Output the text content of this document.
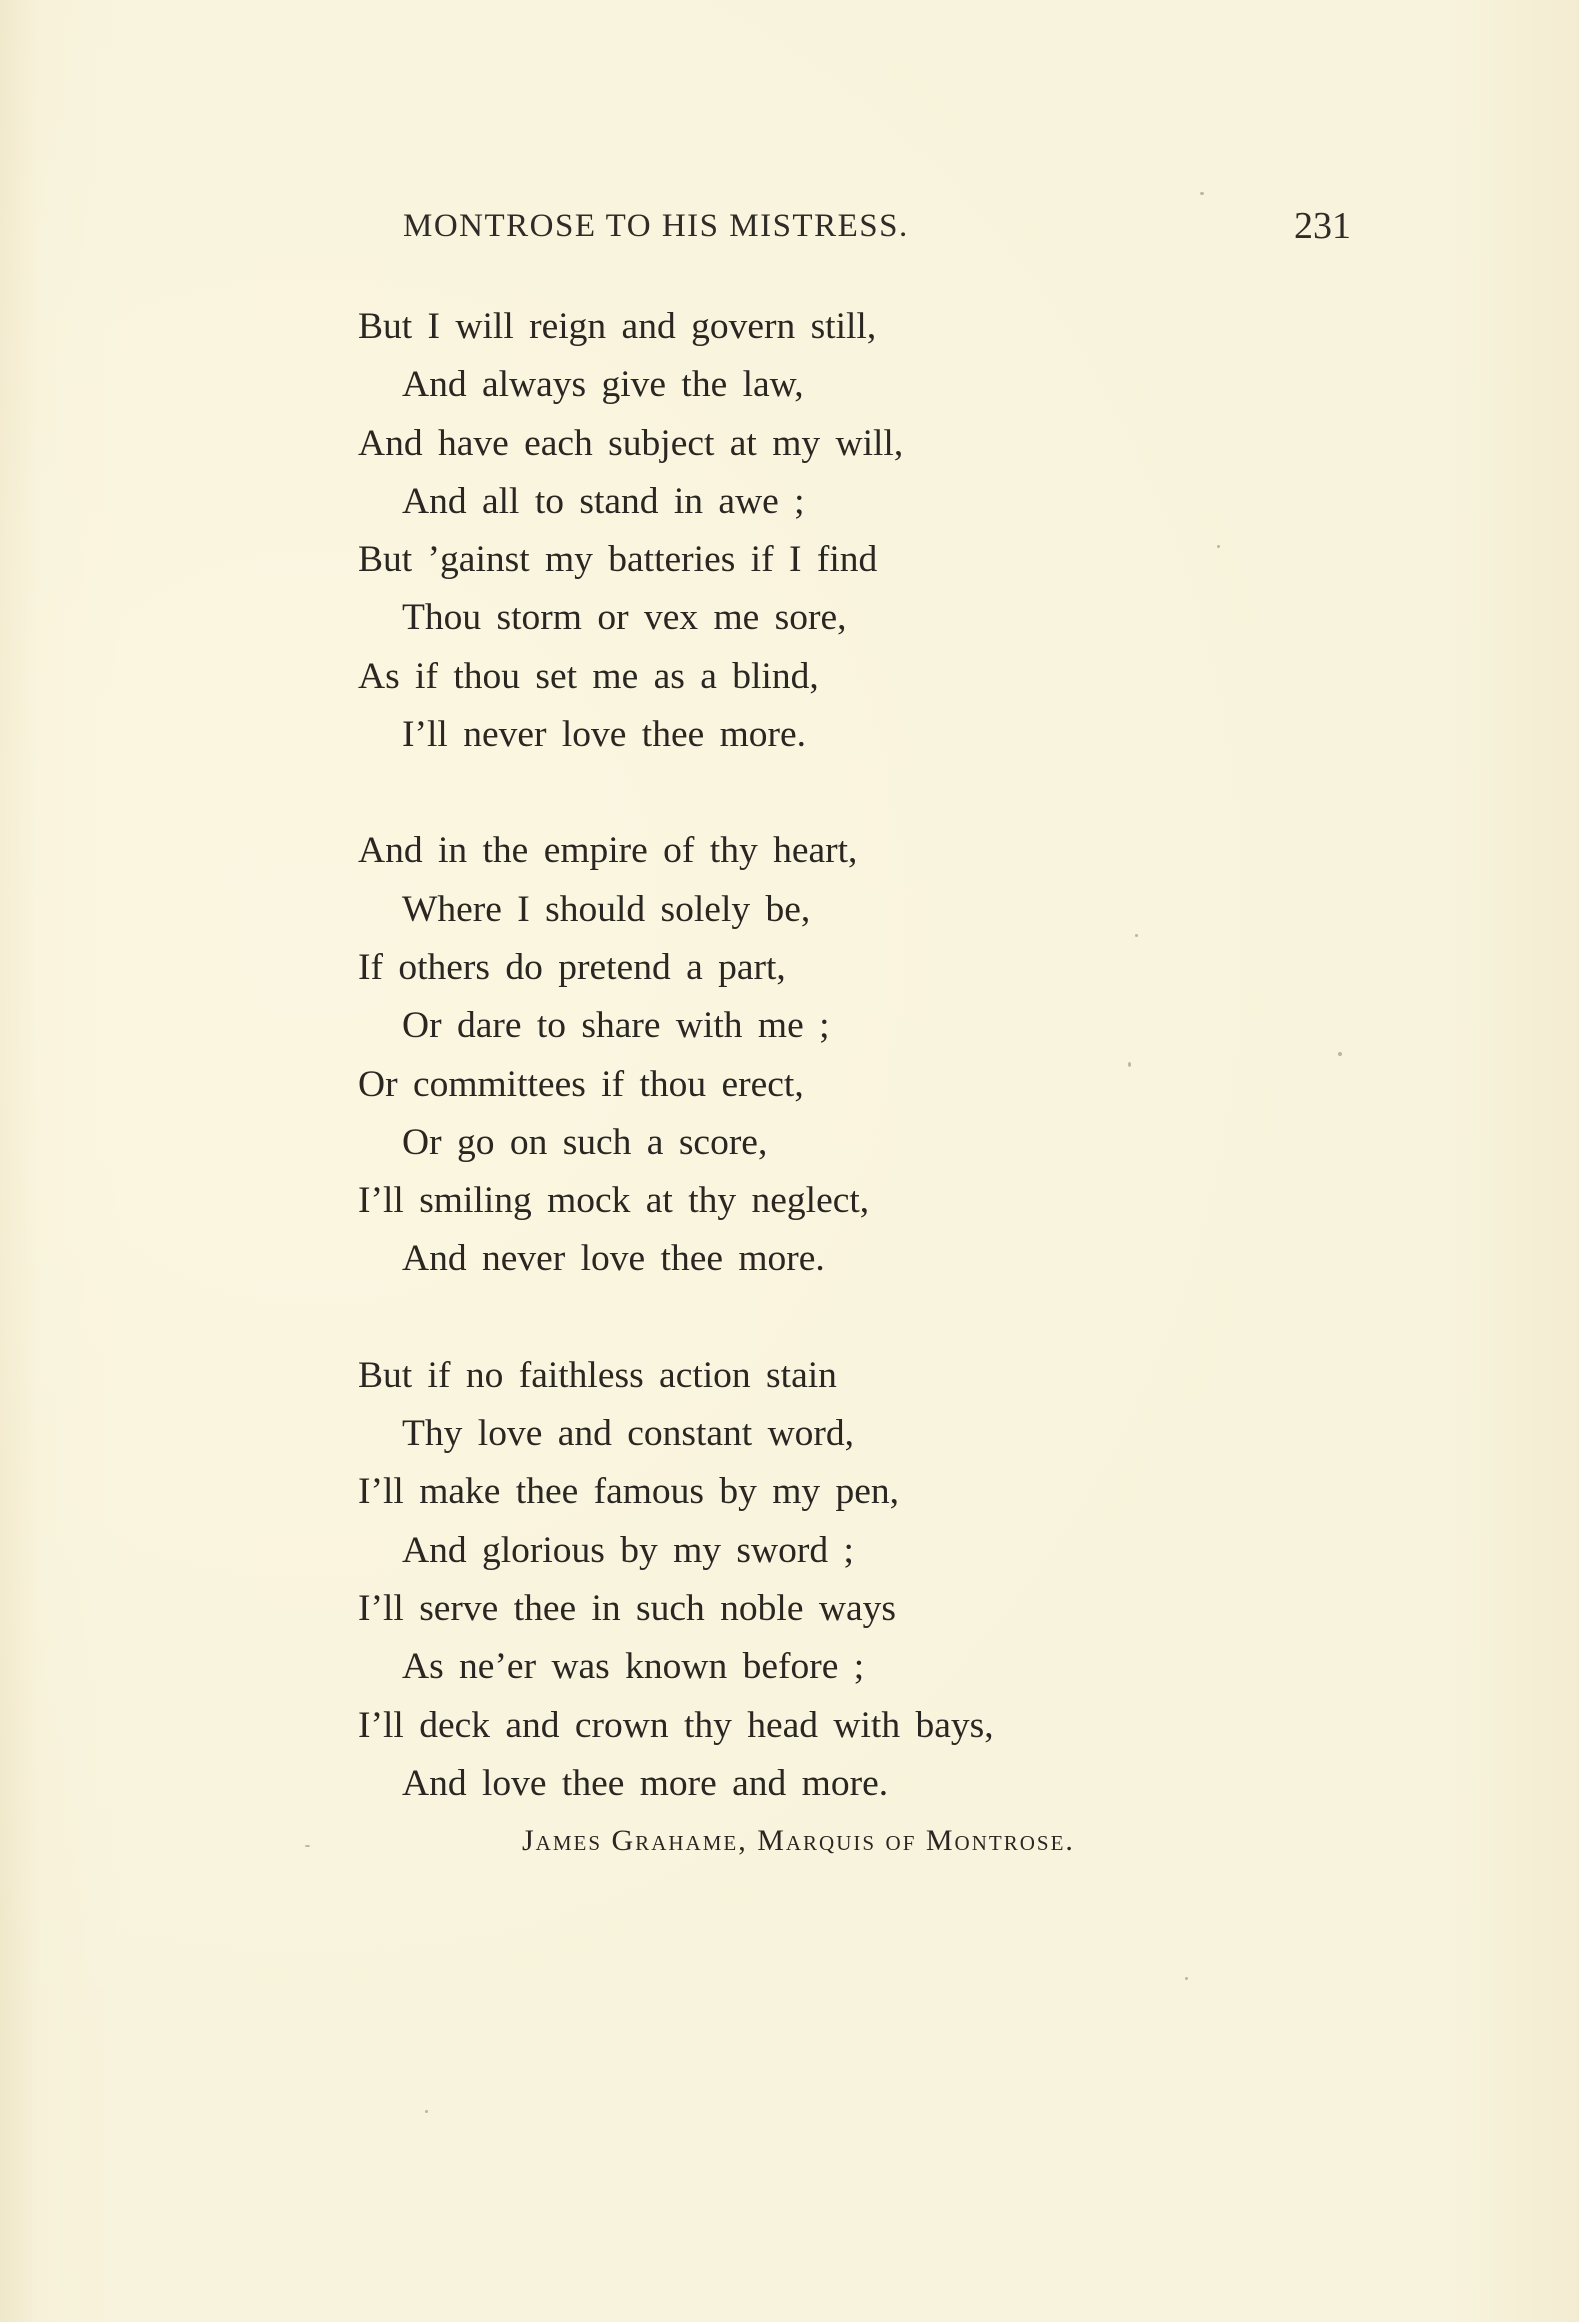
MONTROSE TO HIS MISTRESS.	231
But I will reign and govern still,
And always give the law,
And have each subject at my will,
And all to stand in awe ;
But ’gainst my batteries if I find
Thou storm or vex me sore,
As if thou set me as a blind,
I’ll never love thee more.
And in the empire of thy heart,
Where I should solely be,
If others do pretend a part,
Or dare to share with me ;
Or committees if thou erect,
Or go on such a score,
I’ll smiling mock at thy neglect,
And never love thee more.
But if no faithless action stain
Thy love and constant word,
I’ll make thee famous by my pen,
And glorious by my sword ;
I’ll serve thee in such noble ways
As ne’er was known before ;
I’ll deck and crown thy head with bays,
And love thee more and more.
James Grahame, Marquis of Montrose.
